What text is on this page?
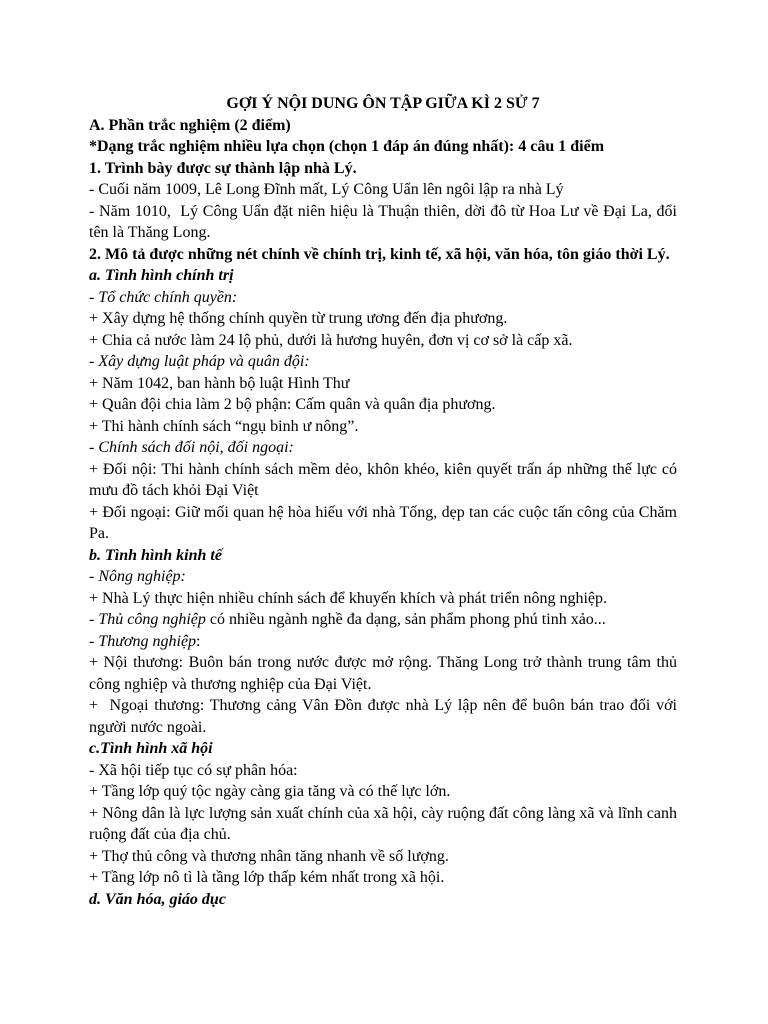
GỢI Ý NỘI DUNG ÔN TẬP GIỮA KÌ 2 SỬ 7

A. Phần trắc nghiệm (2 điểm)

*Dạng trắc nghiệm nhiều lựa chọn (chọn 1 đáp án đúng nhất): 4 câu 1 điểm

1. Trình bày được sự thành lập nhà Lý.

- Cuối năm 1009, Lê Long Đĩnh mất, Lý Công Uẩn lên ngôi lập ra nhà Lý

- Năm 1010,  Lý Công Uẩn đặt niên hiệu là Thuận thiên, dời đô từ Hoa Lư về Đại La, đổi tên là Thăng Long.

2. Mô tả được những nét chính về chính trị, kinh tế, xã hội, văn hóa, tôn giáo thời Lý.

a. Tình hình chính trị

- Tổ chức chính quyền:

+ Xây dựng hệ thống chính quyền từ trung ương đến địa phương.

+ Chia cả nước làm 24 lộ phủ, dưới là hương huyên, đơn vị cơ sở là cấp xã.

- Xây dựng luật pháp và quân đội:

+ Năm 1042, ban hành bộ luật Hình Thư

+ Quân đội chia làm 2 bộ phận: Cấm quân và quân địa phương.

+ Thi hành chính sách “ngụ binh ư nông”.

- Chính sách đối nội, đối ngoại:

+ Đối nội: Thi hành chính sách mềm dẻo, khôn khéo, kiên quyết trấn áp những thế lực có mưu đồ tách khỏi Đại Việt

+ Đối ngoại: Giữ mối quan hệ hòa hiếu với nhà Tống, dẹp tan các cuộc tấn công của Chăm Pa.

b. Tình hình kinh tế

- Nông nghiệp:

+ Nhà Lý thực hiện nhiều chính sách để khuyến khích và phát triển nông nghiệp.

- Thủ công nghiệp có nhiều ngành nghề đa dạng, sản phẩm phong phú tinh xảo...

- Thương nghiệp:

+ Nội thương: Buôn bán trong nước được mở rộng. Thăng Long trở thành trung tâm thủ công nghiệp và thương nghiệp của Đại Việt.

+  Ngoại thương: Thương cảng Vân Đồn được nhà Lý lập nên để buôn bán trao đổi với người nước ngoài.

c.Tình hình xã hội

- Xã hội tiếp tục có sự phân hóa:

+ Tầng lớp quý tộc ngày càng gia tăng và có thế lực lớn.

+ Nông dân là lực lượng sản xuất chính của xã hội, cày ruộng đất công làng xã và lĩnh canh ruộng đất của địa chủ.

+ Thợ thủ công và thương nhân tăng nhanh về số lượng.

+ Tầng lớp nô tì là tầng lớp thấp kém nhất trong xã hội.

d. Văn hóa, giáo dục
